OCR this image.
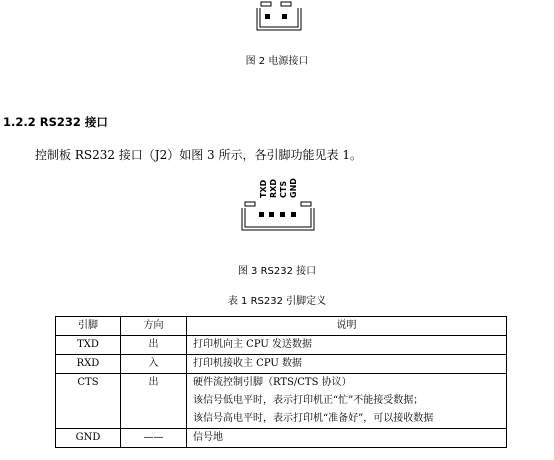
图 2 电源接口
1.2.2 RS232 接口
控制板 RS232 接口（J2）如图 3 所示，各引脚功能见表 1。
TXD RXD CTS GND
图 3 RS232 接口
表 1 RS232 引脚定义
引脚	方向	说明
TXD	出	打印机向主 CPU 发送数据

RXD	入	打印机接收主 CPU 数据

CTS	出	硬件流控制引脚（RTS/CTS 协议）
该信号低电平时，表示打印机正“忙”不能接受数据；
该信号高电平时，表示打印机“准备好”，可以接收数据

GND	——	信号地
